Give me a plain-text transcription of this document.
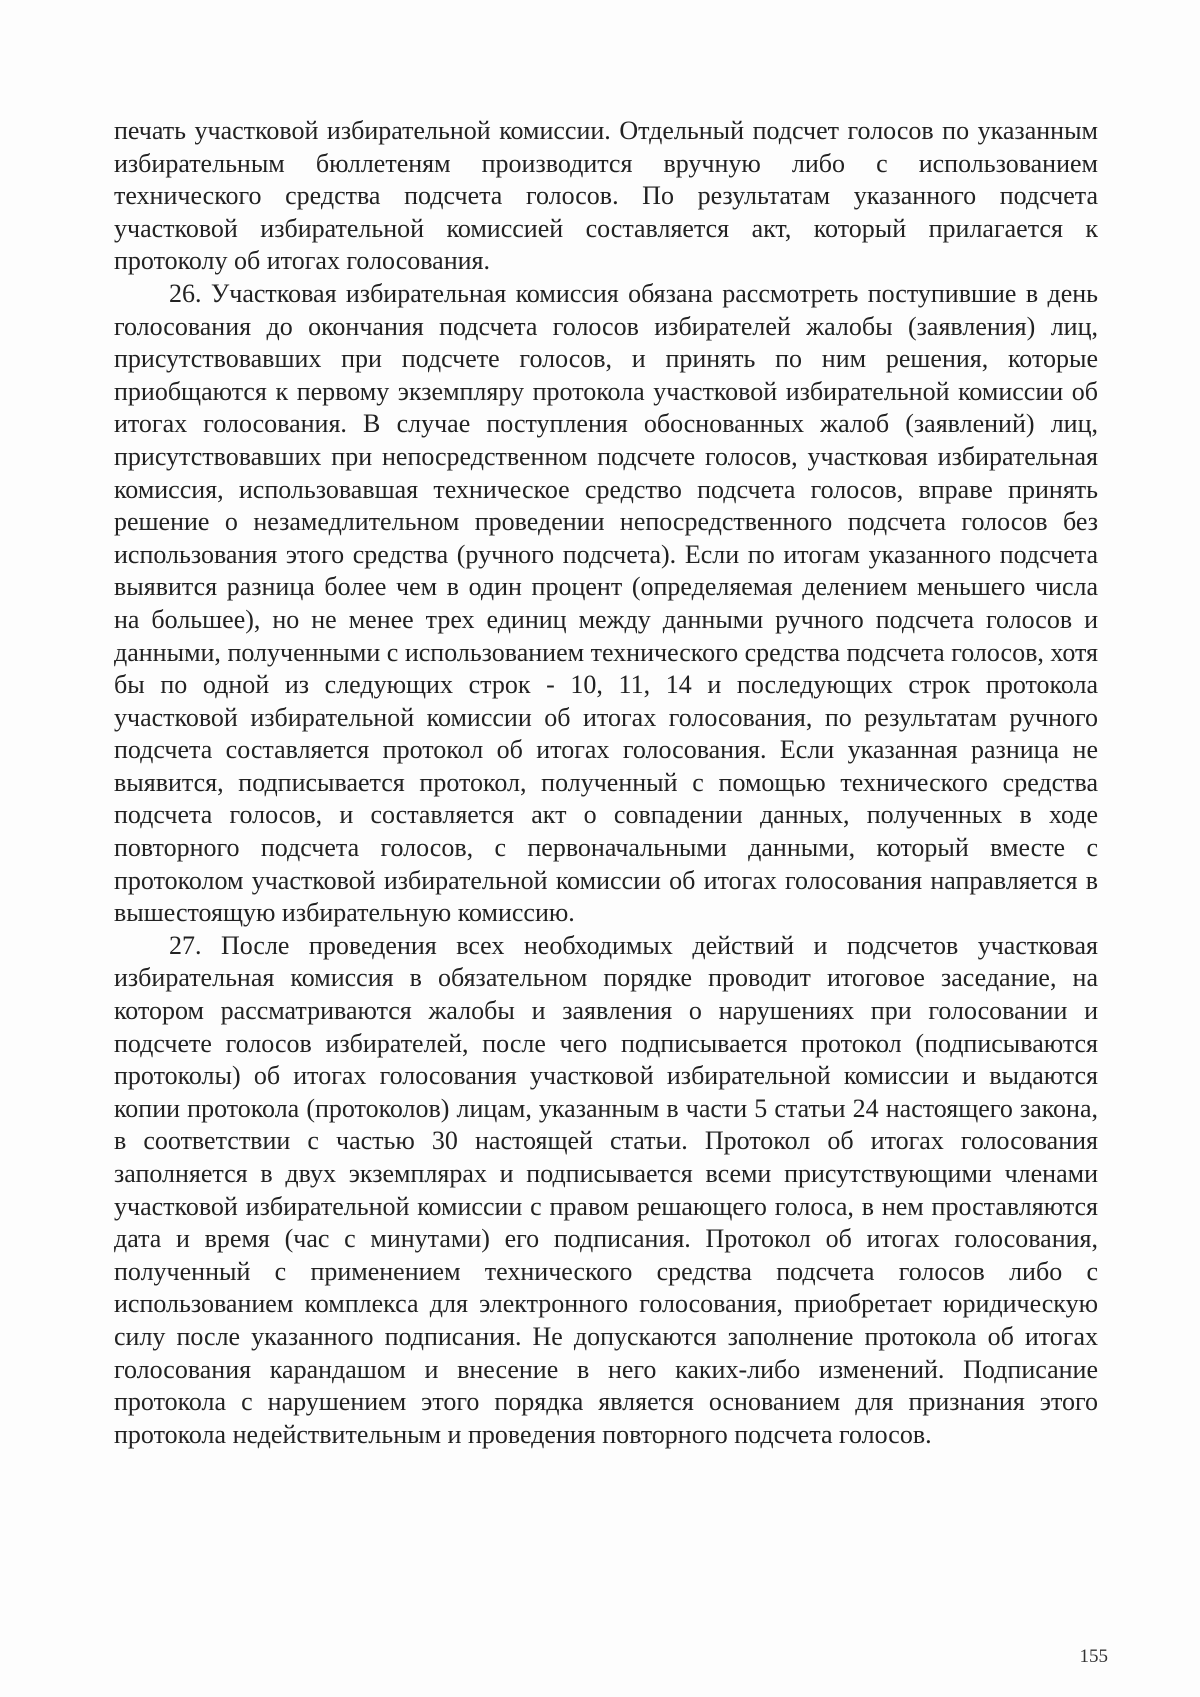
печать участковой избирательной комиссии. Отдельный подсчет голосов по указанным избирательным бюллетеням производится вручную либо с использованием технического средства подсчета голосов. По результатам указанного подсчета участковой избирательной комиссией составляется акт, который прилагается к протоколу об итогах голосования.

26. Участковая избирательная комиссия обязана рассмотреть поступившие в день голосования до окончания подсчета голосов избирателей жалобы (заявления) лиц, присутствовавших при подсчете голосов, и принять по ним решения, которые приобщаются к первому экземпляру протокола участковой избирательной комиссии об итогах голосования. В случае поступления обоснованных жалоб (заявлений) лиц, присутствовавших при непосредственном подсчете голосов, участковая избирательная комиссия, использовавшая техническое средство подсчета голосов, вправе принять решение о незамедлительном проведении непосредственного подсчета голосов без использования этого средства (ручного подсчета). Если по итогам указанного подсчета выявится разница более чем в один процент (определяемая делением меньшего числа на большее), но не менее трех единиц между данными ручного подсчета голосов и данными, полученными с использованием технического средства подсчета голосов, хотя бы по одной из следующих строк - 10, 11, 14 и последующих строк протокола участковой избирательной комиссии об итогах голосования, по результатам ручного подсчета составляется протокол об итогах голосования. Если указанная разница не выявится, подписывается протокол, полученный с помощью технического средства подсчета голосов, и составляется акт о совпадении данных, полученных в ходе повторного подсчета голосов, с первоначальными данными, который вместе с протоколом участковой избирательной комиссии об итогах голосования направляется в вышестоящую избирательную комиссию.

27. После проведения всех необходимых действий и подсчетов участковая избирательная комиссия в обязательном порядке проводит итоговое заседание, на котором рассматриваются жалобы и заявления о нарушениях при голосовании и подсчете голосов избирателей, после чего подписывается протокол (подписываются протоколы) об итогах голосования участковой избирательной комиссии и выдаются копии протокола (протоколов) лицам, указанным в части 5 статьи 24 настоящего закона, в соответствии с частью 30 настоящей статьи. Протокол об итогах голосования заполняется в двух экземплярах и подписывается всеми присутствующими членами участковой избирательной комиссии с правом решающего голоса, в нем проставляются дата и время (час с минутами) его подписания. Протокол об итогах голосования, полученный с применением технического средства подсчета голосов либо с использованием комплекса для электронного голосования, приобретает юридическую силу после указанного подписания. Не допускаются заполнение протокола об итогах голосования карандашом и внесение в него каких-либо изменений. Подписание протокола с нарушением этого порядка является основанием для признания этого протокола недействительным и проведения повторного подсчета голосов.

155
